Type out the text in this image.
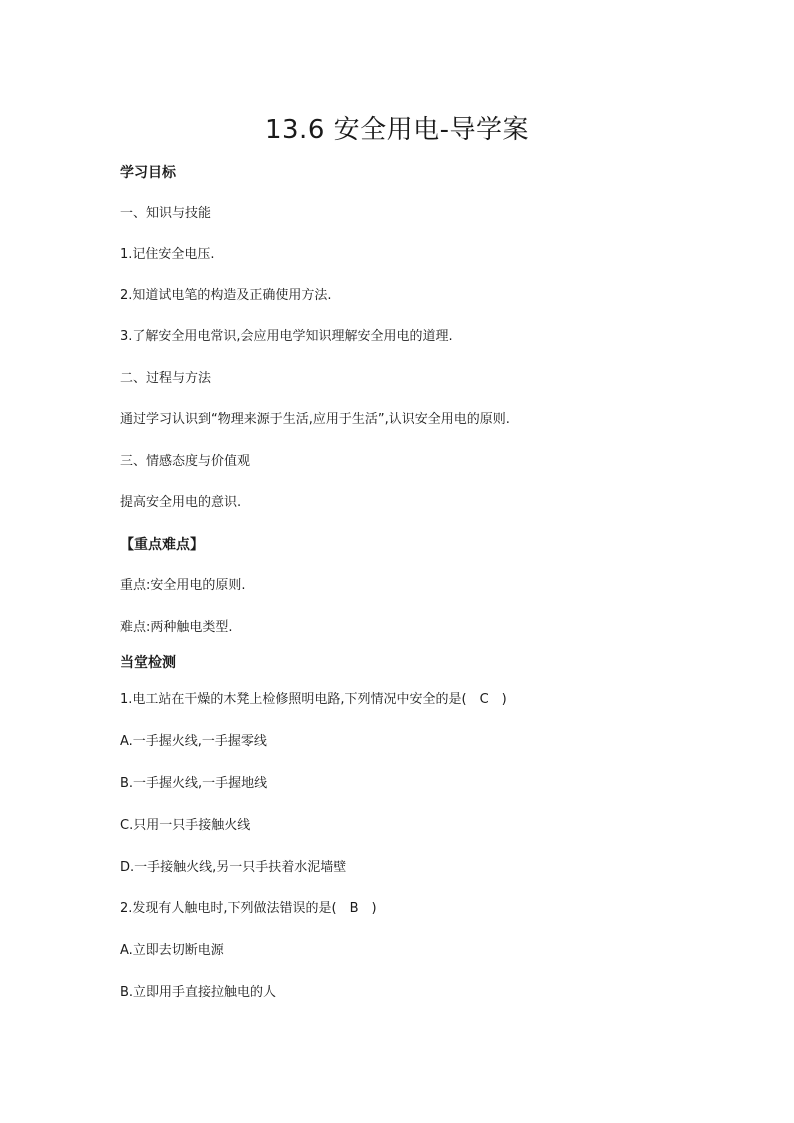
13.6 安全用电-导学案

学习目标

一、知识与技能

1.记住安全电压.

2.知道试电笔的构造及正确使用方法.

3.了解安全用电常识,会应用电学知识理解安全用电的道理.

二、过程与方法

通过学习认识到“物理来源于生活,应用于生活”,认识安全用电的原则.

三、情感态度与价值观

提高安全用电的意识.

【重点难点】

重点:安全用电的原则.

难点:两种触电类型.

当堂检测

1.电工站在干燥的木凳上检修照明电路,下列情况中安全的是(　C　)

A.一手握火线,一手握零线

B.一手握火线,一手握地线

C.只用一只手接触火线

D.一手接触火线,另一只手扶着水泥墙壁

2.发现有人触电时,下列做法错误的是(　B　)

A.立即去切断电源

B.立即用手直接拉触电的人
